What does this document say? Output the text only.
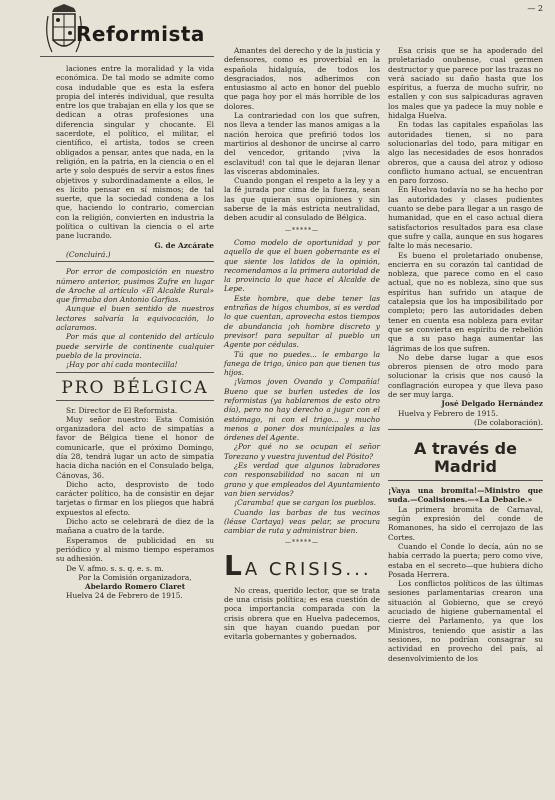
— 2
Reformista

laciones entre la moralidad y la vida económica. De tal modo se admite como cosa indudable que es esta la esfera propia del interés individual, que resulta entre los que trabajan en ella y los que se dedican a otras profesiones una diferencia singular y chocante. El sacerdote, el político, el militar, el científico, el artista, todos se creen obligados a pensar, antes que nada, en la religión, en la patria, en la ciencia o en el arte y solo después de servir a estos fines objetivos y subordinadamente a ellos, le es lícito pensar en sí mismos; de tal suerte, que la sociedad condena a los que, haciendo lo contrario, comercian con la religión, convierten en industria la política o cultivan la ciencia o el arte pane lucrando.

G. de Azcárate

(Concluirá.)

Por error de composición en nuestro número anterior, pusimos Zufre en lugar de Aroche al artículo «El Alcalde Rural» que firmaba don Antonio Garfias.

Aunque el buen sentido de nuestros lectores salvaría la equivocación, lo aclaramos.

Por más que al contenido del artículo puede servirle de continente cualquier pueblo de la provincia.

¡Hay por ahí cada montecilla!

PRO BÉLGICA

Sr. Director de El Reformista.

Muy señor nuestro: Esta Comisión organizadora del acto de simpatías a favor de Bélgica tiene el honor de comunicarle, que el próximo Domingo, día 28, tendrá lugar un acto de simpatía hacia dicha nación en el Consulado belga, Cánovas, 36.

Dicho acto, desprovisto de todo carácter político, ha de consistir en dejar tarjetas o firmar en los pliegos que habrá expuestos al efecto.

Dicho acto se celebrará de diez de la mañana a cuatro de la tarde.

Esperamos de publicidad en su periódico y al mismo tiempo esperamos su adhesión.

De V. afmo. s. s. q. e. s. m.

Por la Comisión organizadora,

Abelardo Romero Claret

Huelva 24 de Febrero de 1915.

Amantes del derecho y de la justicia y defensores, como es proverbial en la española hidalguía, de todos los desgraciados, nos adherimos con entusiasmo al acto en honor del pueblo que paga hoy por el más horrible de los dolores.

La contrariedad con los que sufren, nos lleva a tender las manos amigas a la nación heroica que prefirió todos los martirios al deshonor de uncirse al carro del vencedor, gritando ¡viva la esclavitud! con tal que le dejaran llenar las vísceras abdominales.

Cuando pongan el respeto a la ley y a la fé jurada por cima de la fuerza, sean las que quieran sus opiniones y sin saberse de la más estricta neutralidad, deben acudir al consulado de Bélgica.

—*****—

Como modelo de oportunidad y por aquello de que el buen gobernante es el que siente los latidos de la opinión, recomendamos a la primera autoridad de la provincia lo que hace el Alcalde de Lepe.

Este hombre, que debe tener las entrañas de higos chumbos, si es verdad lo que cuentan, aprovecha estos tiempos de abundancia ¡oh hombre discreto y previsor! para sepultar al pueblo un Agente por cédulas.

Tú que no puedes... le embargo la fanega de trigo, único pan que tienen tus hijos.

¡Vamos joven Ovando y Compañía! Bueno que se burlen ustedes de los reformistas (ya hablaremos de esto otro día), pero no hay derecho a jugar con el estómago, ni con el trigo... y mucho menos a poner dos municipales a las órdenes del Agente.

¿Por qué no se ocupan el señor Torezano y vuestra juventud del Pósito?

¿Es verdad que algunos labradores con responsabilidad no sacan ni un grano y que empleados del Ayuntamiento van bien servidos?

¡Caramba! que se cargan los pueblos.

Cuando las barbas de tus vecinos (léase Cartaya) veas pelar, se procura cambiar de ruta y administrar bien.

—*****—
LA CRISIS...

No creas, querido lector, que se trata de una crisis política; es esa cuestión de poca importancia comparada con la crisis obrera que en Huelva padecemos, sin que hayan cuando puedan por evitarla gobernantes y gobernados.

Esa crisis que se ha apoderado del proletariado onubense, cual germen destructor y que parece por las trazas no verá saciado su daño hasta que los espíritus, a fuerza de mucho sufrir, no estallen y con sus salpicaduras agraven los males que ya padece la muy noble e hidalga Huelva.

En todas las capitales españolas las autoridades tienen, si no para solucionarlas del todo, para mitigar en algo las necesidades de esos honrados obreros, que a causa del atroz y odioso conflicto humano actual, se encuentran en paro forzoso.

En Huelva todavía no se ha hecho por las autoridades y clases pudientes cuanto se debe para llegar a un rasgo de humanidad, que en el caso actual diera satisfactorios resultados para esa clase que sufre y calla, aunque en sus hogares falte lo más necesario.

Es bueno el proletariado onubense, encierra en su corazón tal cantidad de nobleza, que parece como en el caso actual, que no es nobleza, sino que sus espíritus han sufrido un ataque de catalepsia que los ha imposibilitado por completo; pero las autoridades deben tener en cuenta esa nobleza para evitar que se convierta en espíritu de rebelión que a su paso haga aumentar las lágrimas de los que sufren.

No debe darse lugar a que esos obreros piensen de otro modo para solucionar la crisis que nos causó la conflagración europea y que lleva paso de ser muy larga.

José Delgado Hernández

Huelva y Febrero de 1915.

(De colaboración).

A través de Madrid

¡Vaya una bromita!—Ministro que suda.—Coalisiones.—«La Debacle.»

La primera bromita de Carnaval, según expresión del conde de Romanones, ha sido el cerrojazo de las Cortes.

Cuando el Conde lo decía, aún no se había cerrado la puerta; pero como vive, estaba en el secreto—que hubiera dicho Posada Herrera.

Los conflictos políticos de las últimas sesiones parlamentarias crearon una situación al Gobierno, que se creyó acuciado de higiene gubernamental el cierre del Parlamento, ya que los Ministros, teniendo que asistir a las sesiones, no podrían consagrar su actividad en provecho del país, al desenvolvimiento de los
